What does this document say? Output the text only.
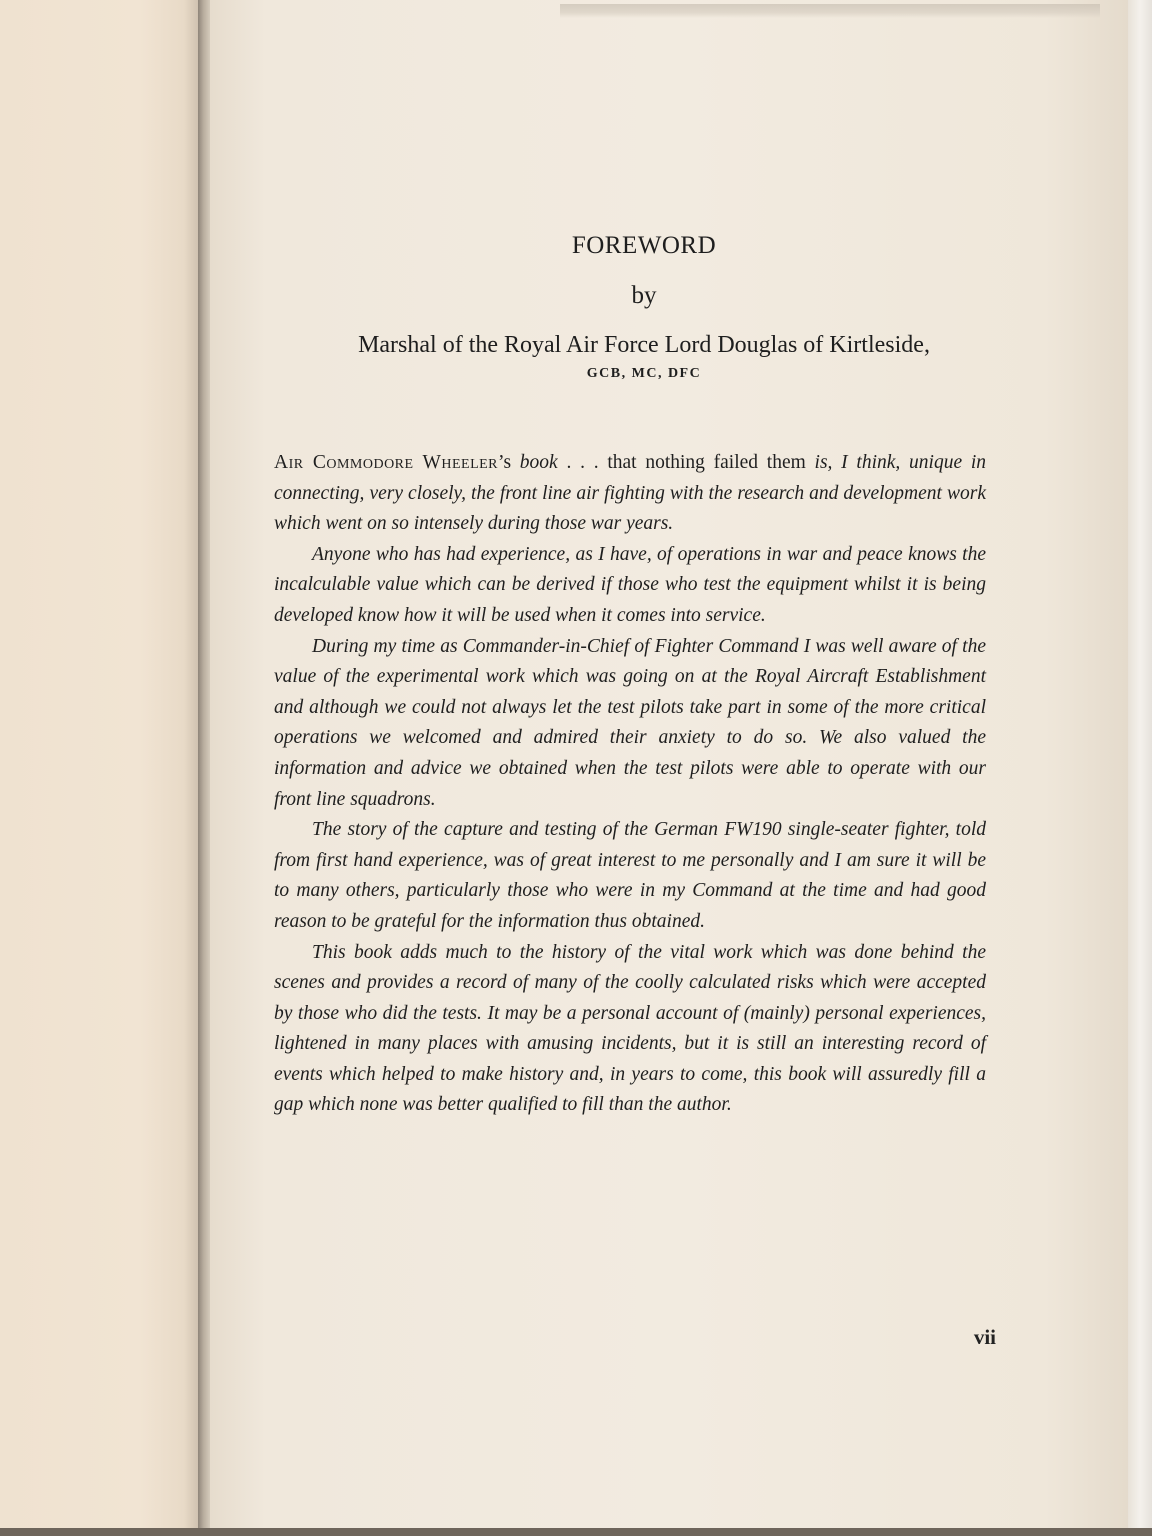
FOREWORD
by
Marshal of the Royal Air Force Lord Douglas of Kirtleside,
GCB, MC, DFC

Air Commodore Wheeler’s book . . . that nothing failed them is, I think, unique in connecting, very closely, the front line air fighting with the research and development work which went on so intensely during those war years.

Anyone who has had experience, as I have, of operations in war and peace knows the incalculable value which can be derived if those who test the equipment whilst it is being developed know how it will be used when it comes into service.

During my time as Commander-in-Chief of Fighter Command I was well aware of the value of the experimental work which was going on at the Royal Aircraft Establishment and although we could not always let the test pilots take part in some of the more critical operations we welcomed and admired their anxiety to do so. We also valued the information and advice we obtained when the test pilots were able to operate with our front line squadrons.

The story of the capture and testing of the German FW190 single-seater fighter, told from first hand experience, was of great interest to me personally and I am sure it will be to many others, particularly those who were in my Command at the time and had good reason to be grateful for the information thus obtained.

This book adds much to the history of the vital work which was done behind the scenes and provides a record of many of the coolly calculated risks which were accepted by those who did the tests. It may be a personal account of (mainly) personal experiences, lightened in many places with amusing incidents, but it is still an interesting record of events which helped to make history and, in years to come, this book will assuredly fill a gap which none was better qualified to fill than the author.

vii
